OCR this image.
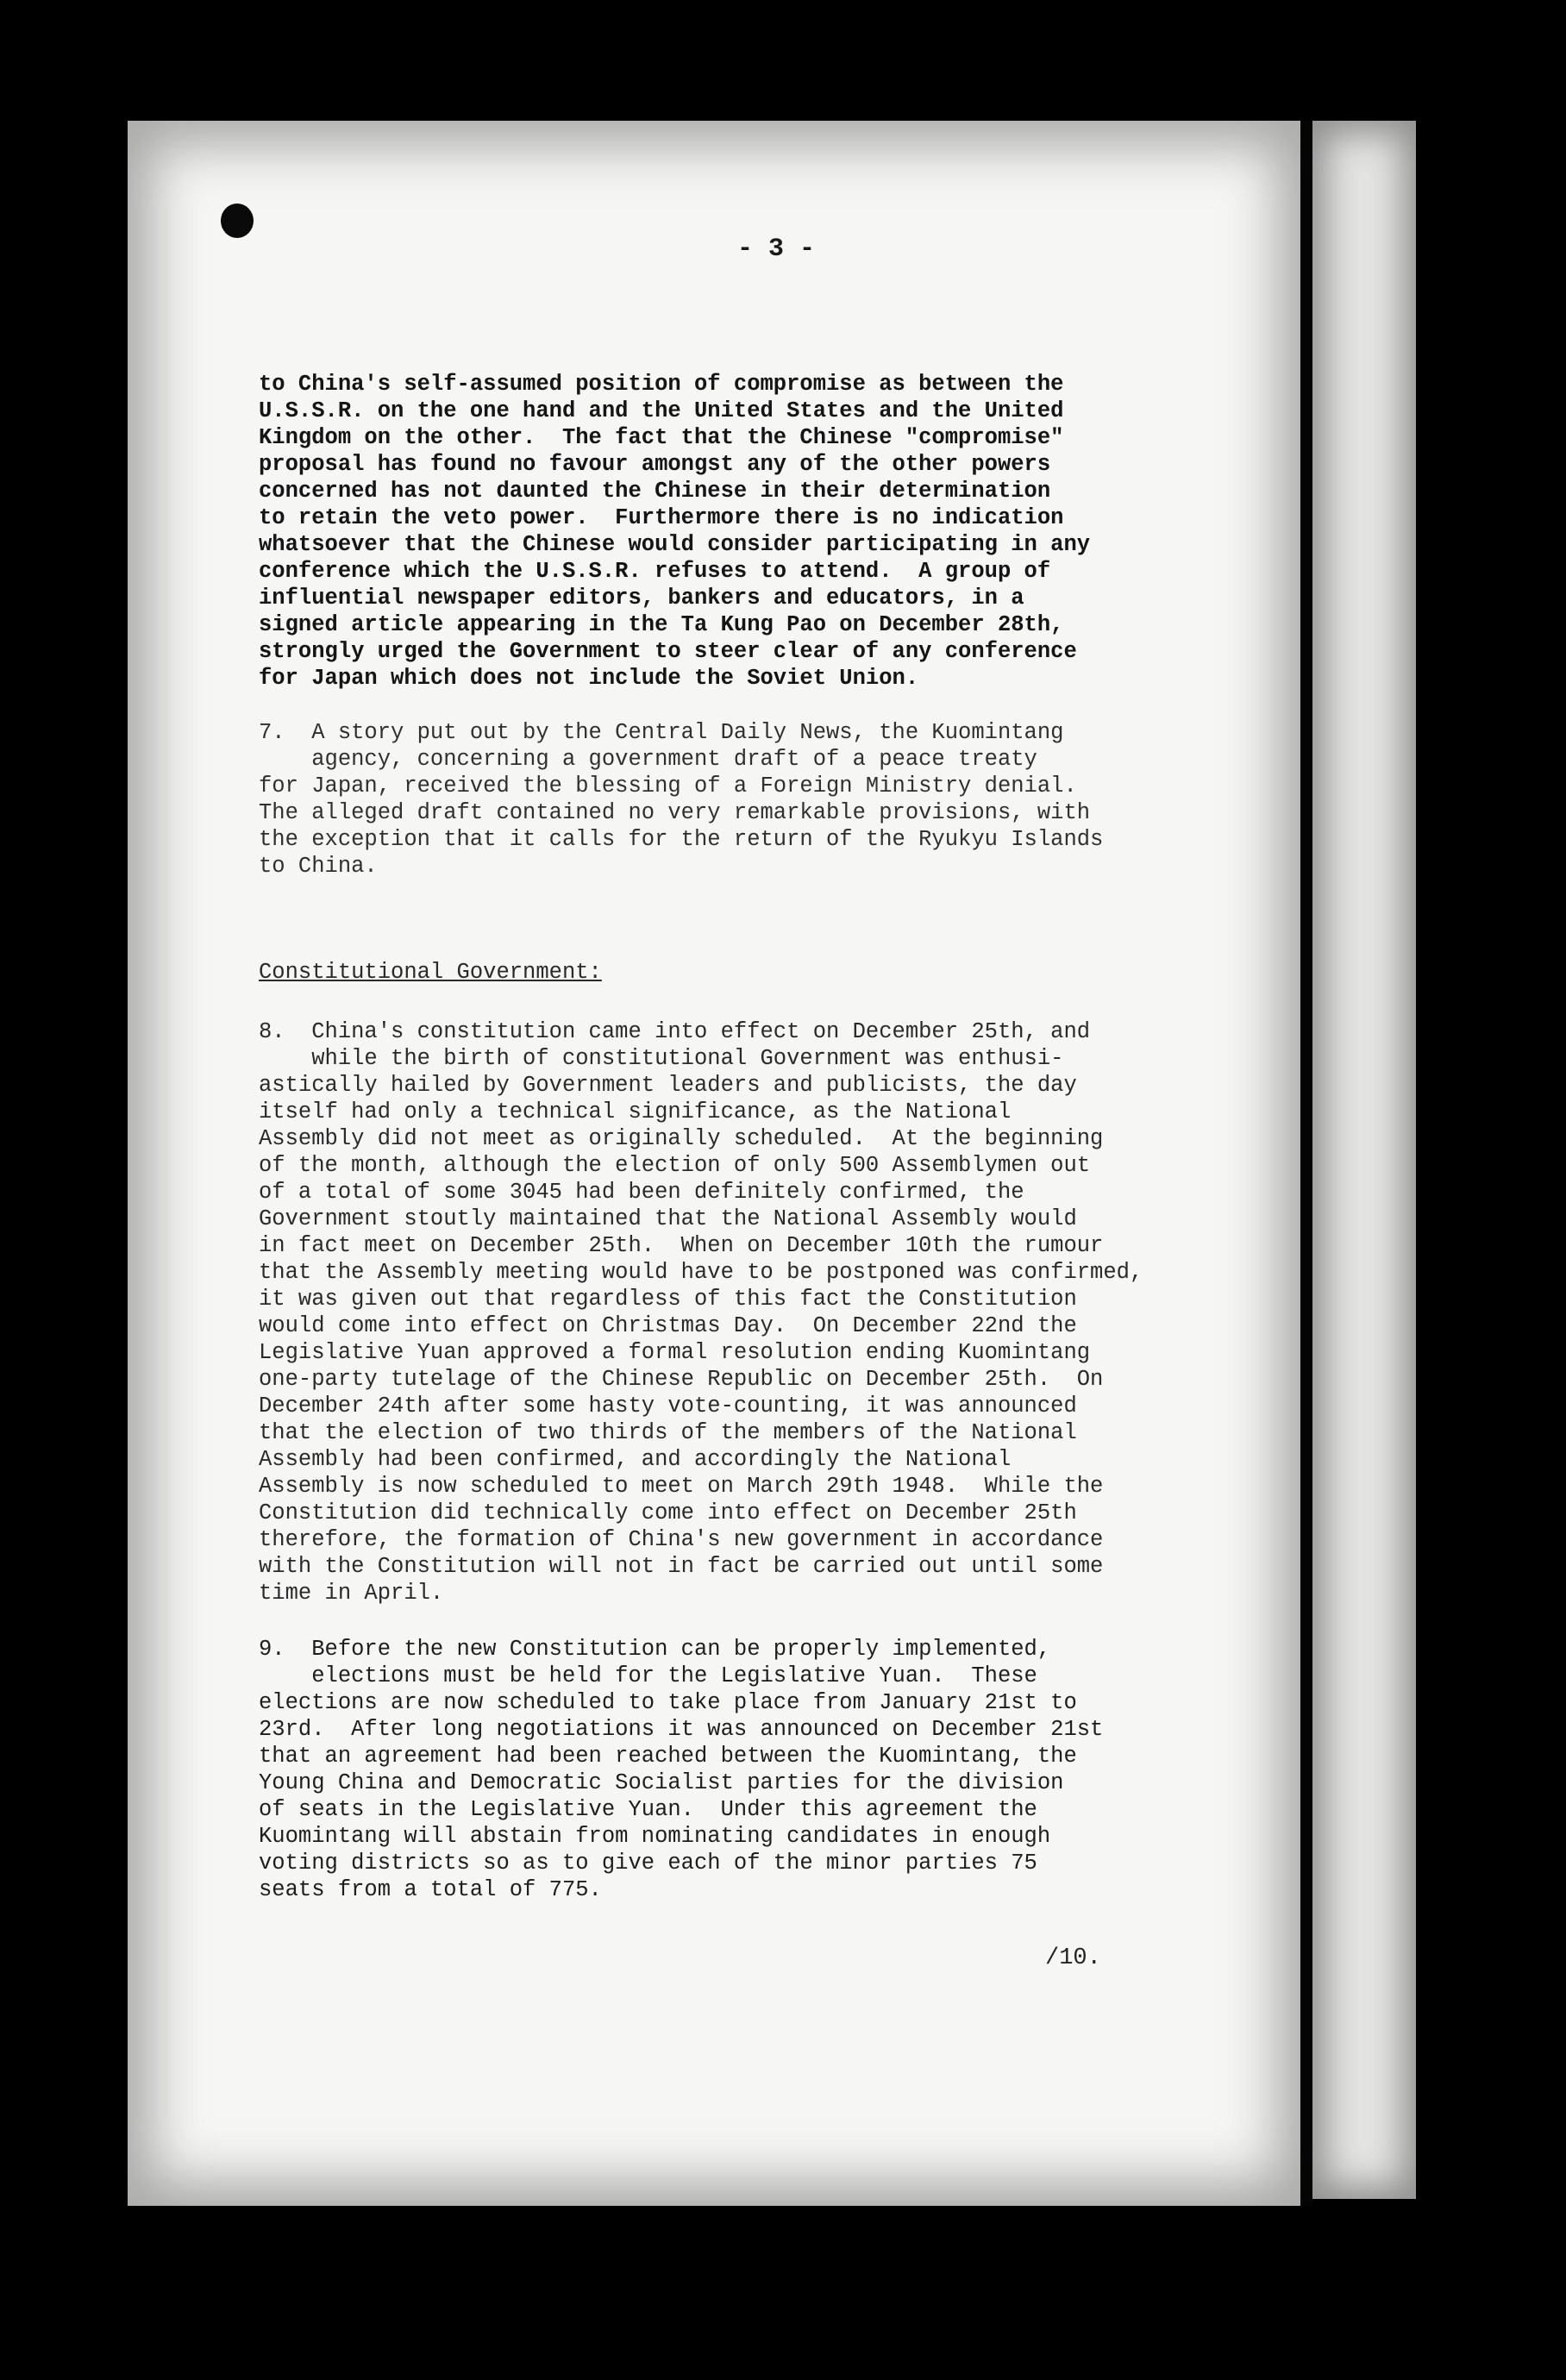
- 3 -

to China's self-assumed position of compromise as between the
U.S.S.R. on the one hand and the United States and the United
Kingdom on the other.  The fact that the Chinese "compromise"
proposal has found no favour amongst any of the other powers
concerned has not daunted the Chinese in their determination
to retain the veto power.  Furthermore there is no indication
whatsoever that the Chinese would consider participating in any
conference which the U.S.S.R. refuses to attend.  A group of
influential newspaper editors, bankers and educators, in a
signed article appearing in the Ta Kung Pao on December 28th,
strongly urged the Government to steer clear of any conference
for Japan which does not include the Soviet Union.

7.  A story put out by the Central Daily News, the Kuomintang
agency, concerning a government draft of a peace treaty
for Japan, received the blessing of a Foreign Ministry denial.
The alleged draft contained no very remarkable provisions, with
the exception that it calls for the return of the Ryukyu Islands
to China.

Constitutional Government:

8.  China's constitution came into effect on December 25th, and
while the birth of constitutional Government was enthusi-
astically hailed by Government leaders and publicists, the day
itself had only a technical significance, as the National
Assembly did not meet as originally scheduled.  At the beginning
of the month, although the election of only 500 Assemblymen out
of a total of some 3045 had been definitely confirmed, the
Government stoutly maintained that the National Assembly would
in fact meet on December 25th.  When on December 10th the rumour
that the Assembly meeting would have to be postponed was confirmed,
it was given out that regardless of this fact the Constitution
would come into effect on Christmas Day.  On December 22nd the
Legislative Yuan approved a formal resolution ending Kuomintang
one-party tutelage of the Chinese Republic on December 25th.  On
December 24th after some hasty vote-counting, it was announced
that the election of two thirds of the members of the National
Assembly had been confirmed, and accordingly the National
Assembly is now scheduled to meet on March 29th 1948.  While the
Constitution did technically come into effect on December 25th
therefore, the formation of China's new government in accordance
with the Constitution will not in fact be carried out until some
time in April.

9.  Before the new Constitution can be properly implemented,
elections must be held for the Legislative Yuan.  These
elections are now scheduled to take place from January 21st to
23rd.  After long negotiations it was announced on December 21st
that an agreement had been reached between the Kuomintang, the
Young China and Democratic Socialist parties for the division
of seats in the Legislative Yuan.  Under this agreement the
Kuomintang will abstain from nominating candidates in enough
voting districts so as to give each of the minor parties 75
seats from a total of 775.

/10.
